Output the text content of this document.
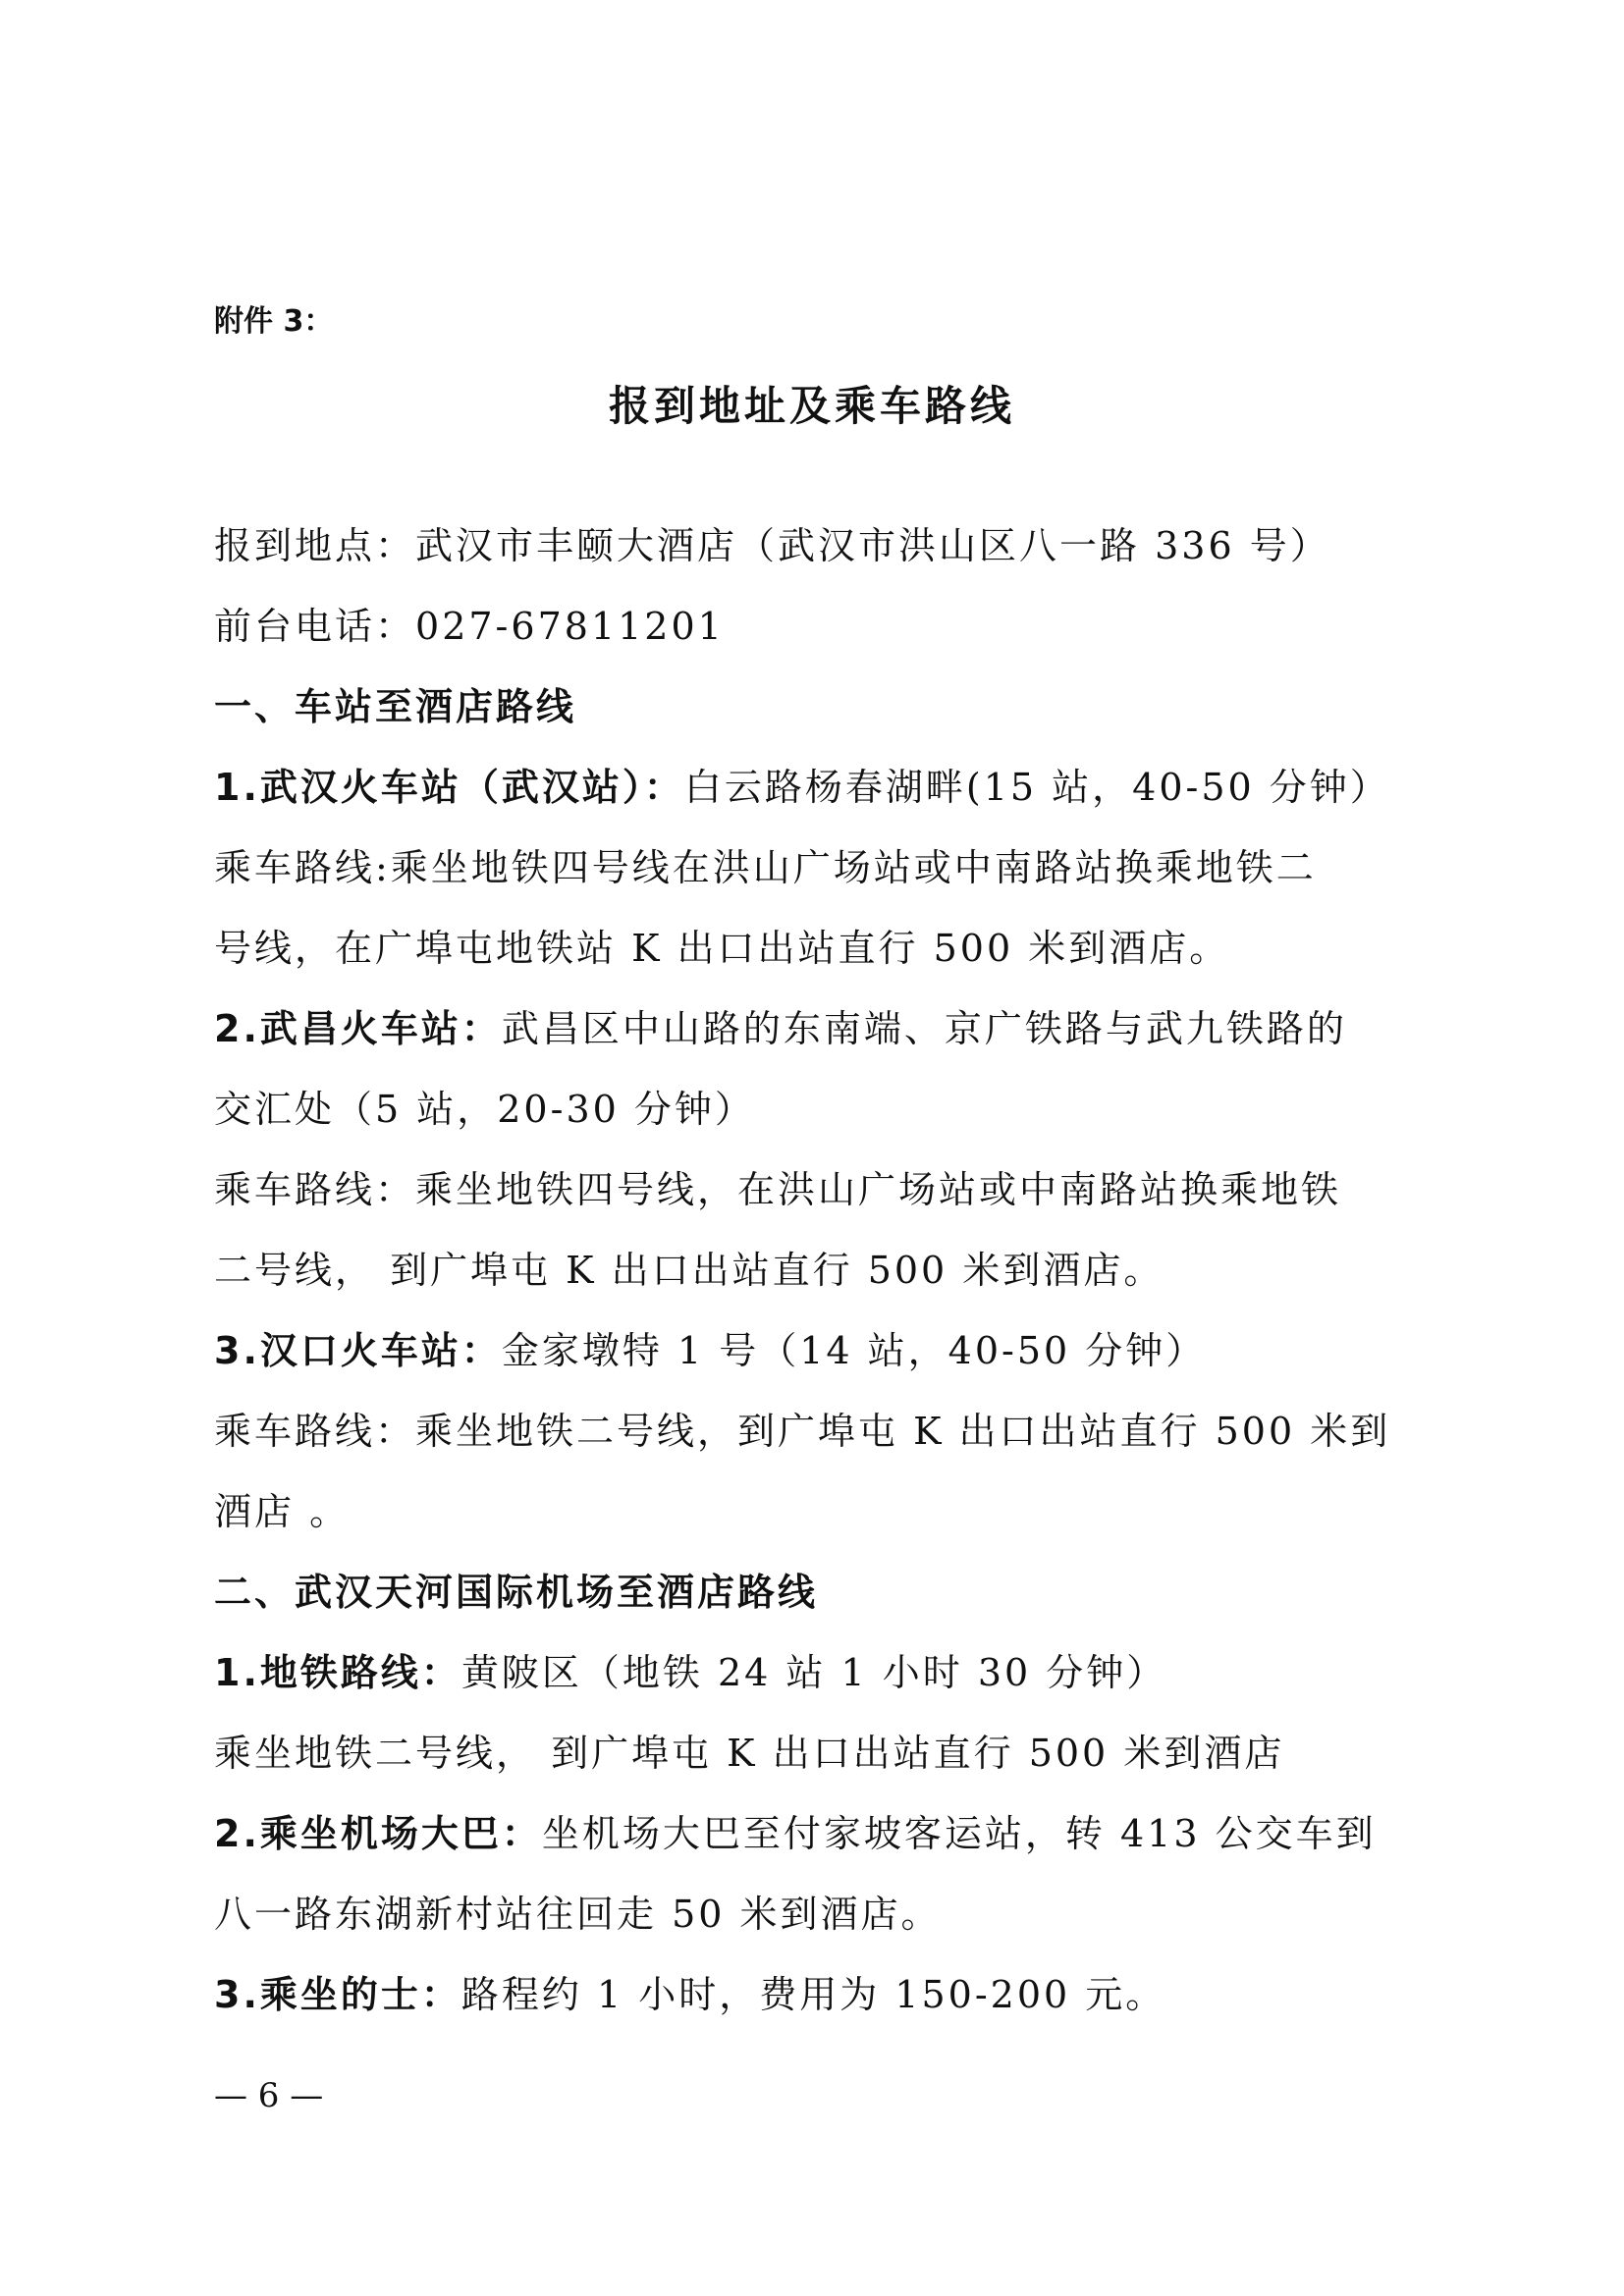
附件 3：
报到地址及乘车路线
报到地点：武汉市丰颐大酒店（武汉市洪山区八一路 336 号）
前台电话：027-67811201
一、车站至酒店路线
1.武汉火车站（武汉站）：白云路杨春湖畔(15 站，40-50 分钟）
乘车路线:乘坐地铁四号线在洪山广场站或中南路站换乘地铁二
号线，在广埠屯地铁站 K 出口出站直行 500 米到酒店。
2.武昌火车站：武昌区中山路的东南端、京广铁路与武九铁路的
交汇处（5 站，20-30 分钟）
乘车路线：乘坐地铁四号线，在洪山广场站或中南路站换乘地铁
二号线， 到广埠屯 K 出口出站直行 500 米到酒店。
3.汉口火车站：金家墩特 1 号（14 站，40-50 分钟）
乘车路线：乘坐地铁二号线，到广埠屯 K 出口出站直行 500 米到
酒店 。
二、武汉天河国际机场至酒店路线
1.地铁路线：黄陂区（地铁 24 站 1 小时 30 分钟）
乘坐地铁二号线， 到广埠屯 K 出口出站直行 500 米到酒店
2.乘坐机场大巴：坐机场大巴至付家坡客运站，转 413 公交车到
八一路东湖新村站往回走 50 米到酒店。
3.乘坐的士：路程约 1 小时，费用为 150-200 元。
— 6 —
